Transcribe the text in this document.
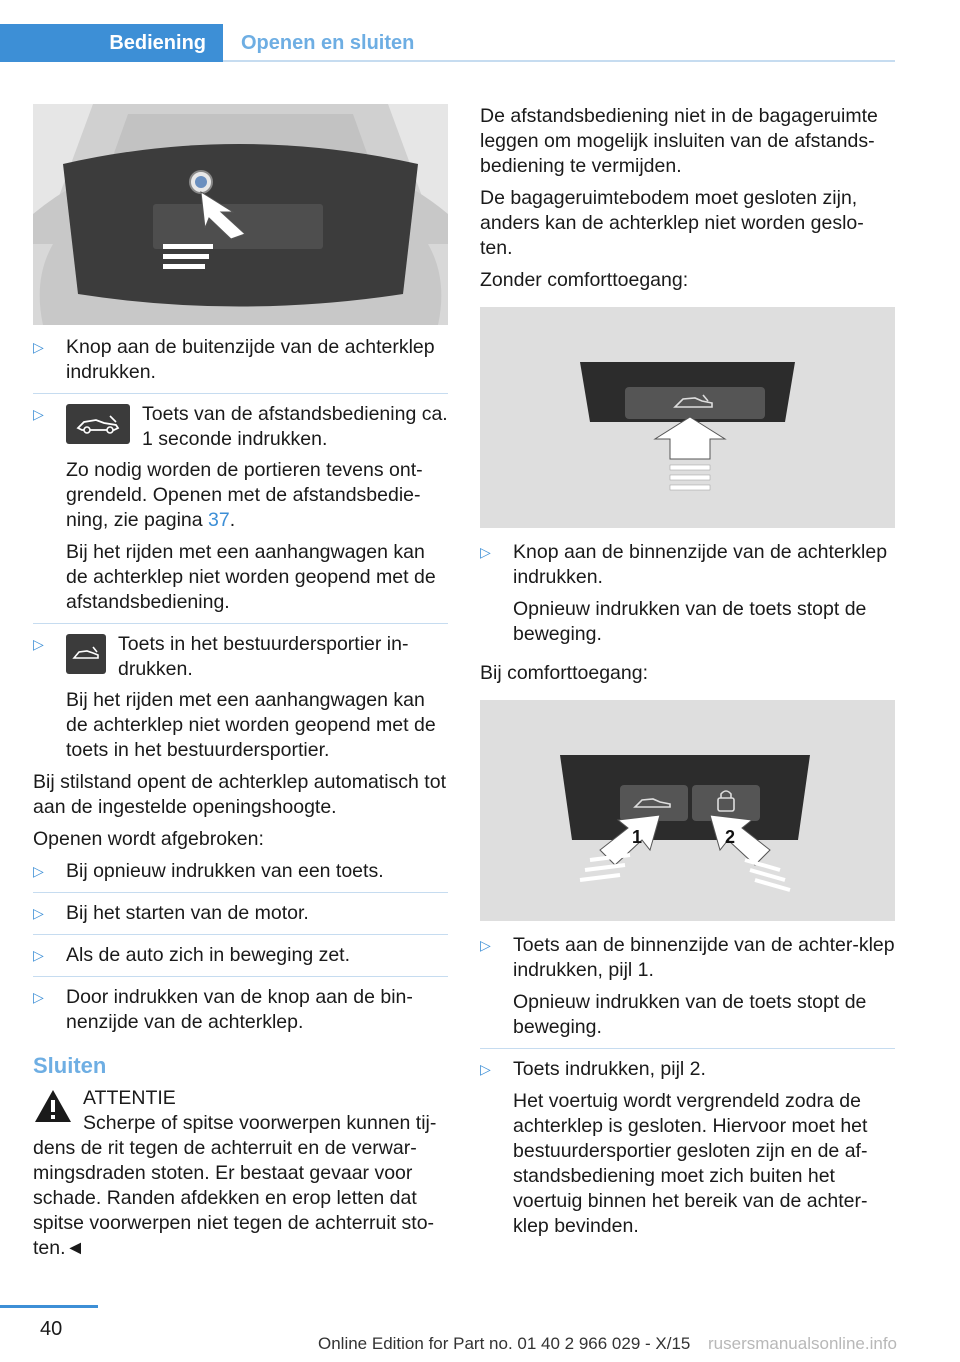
Bediening	Openen en sluiten
▷ Knop aan de buitenzijde van de achterklep indrukken.
▷	Toets van de afstandsbediening ca. 1 seconde indrukken.

Zo nodig worden de portieren tevens ont-grendeld. Openen met de afstandsbedie-ning, zie pagina 37.

Bij het rijden met een aanhangwagen kan de achterklep niet worden geopend met de afstandsbediening.

▷	Toets in het bestuurdersportier in-drukken.

Bij het rijden met een aanhangwagen kan de achterklep niet worden geopend met de toets in het bestuurdersportier.

Bij stilstand opent de achterklep automatisch tot aan de ingestelde openingshoogte.

Openen wordt afgebroken:

▷ Bij opnieuw indrukken van een toets.
▷ Bij het starten van de motor.
▷ Als de auto zich in beweging zet.
▷ Door indrukken van de knop aan de bin-nenzijde van de achterklep.
Sluiten
ATTENTIE
Scherpe of spitse voorwerpen kunnen tij-dens de rit tegen de achterruit en de verwar-mingsdraden stoten. Er bestaat gevaar voor schade. Randen afdekken en erop letten dat spitse voorwerpen niet tegen de achterruit sto-ten.◄

De afstandsbediening niet in de bagageruimte leggen om mogelijk insluiten van de afstands-bediening te vermijden.

De bagageruimtebodem moet gesloten zijn, anders kan de achterklep niet worden geslo-ten.

Zonder comforttoegang:

▷ Knop aan de binnenzijde van de achterklep indrukken.

Opnieuw indrukken van de toets stopt de beweging.

Bij comforttoegang:

1	2
▷ Toets aan de binnenzijde van de achter-klep indrukken, pijl 1.

Opnieuw indrukken van de toets stopt de beweging.

▷ Toets indrukken, pijl 2.

Het voertuig wordt vergrendeld zodra de achterklep is gesloten. Hiervoor moet het bestuurdersportier gesloten zijn en de af-standsbediening moet zich buiten het voertuig binnen het bereik van de achter-klep bevinden.

40
Online Edition for Part no. 01 40 2 966 029 - X/15 rusersmanualsonline.info
